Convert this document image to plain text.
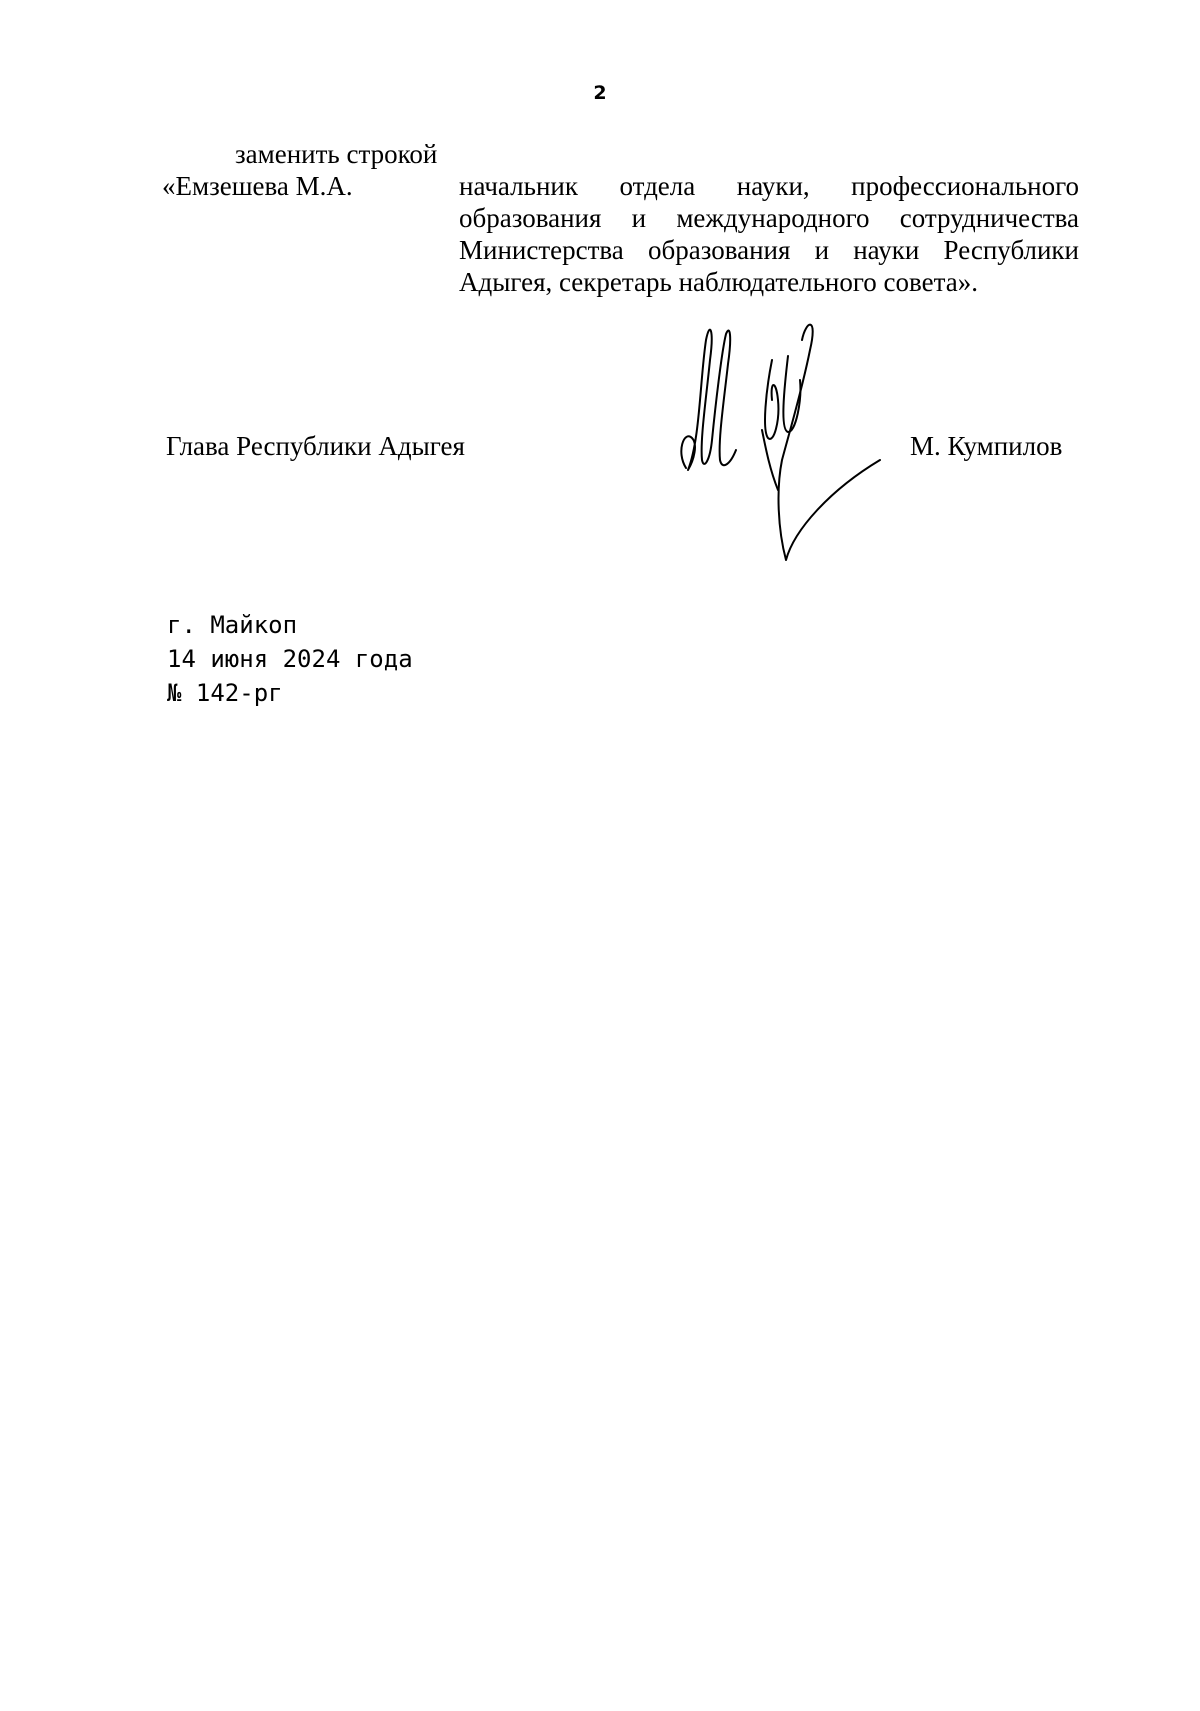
2
заменить строкой
«Емзешева М.А.	начальник отдела науки, профессионального образования и международного сотрудничества Министерства образования и науки Республики Адыгея, секретарь наблюдательного совета».
Глава Республики Адыгея	М. Кумпилов
г. Майкоп
14 июня 2024 года
№ 142-рг
